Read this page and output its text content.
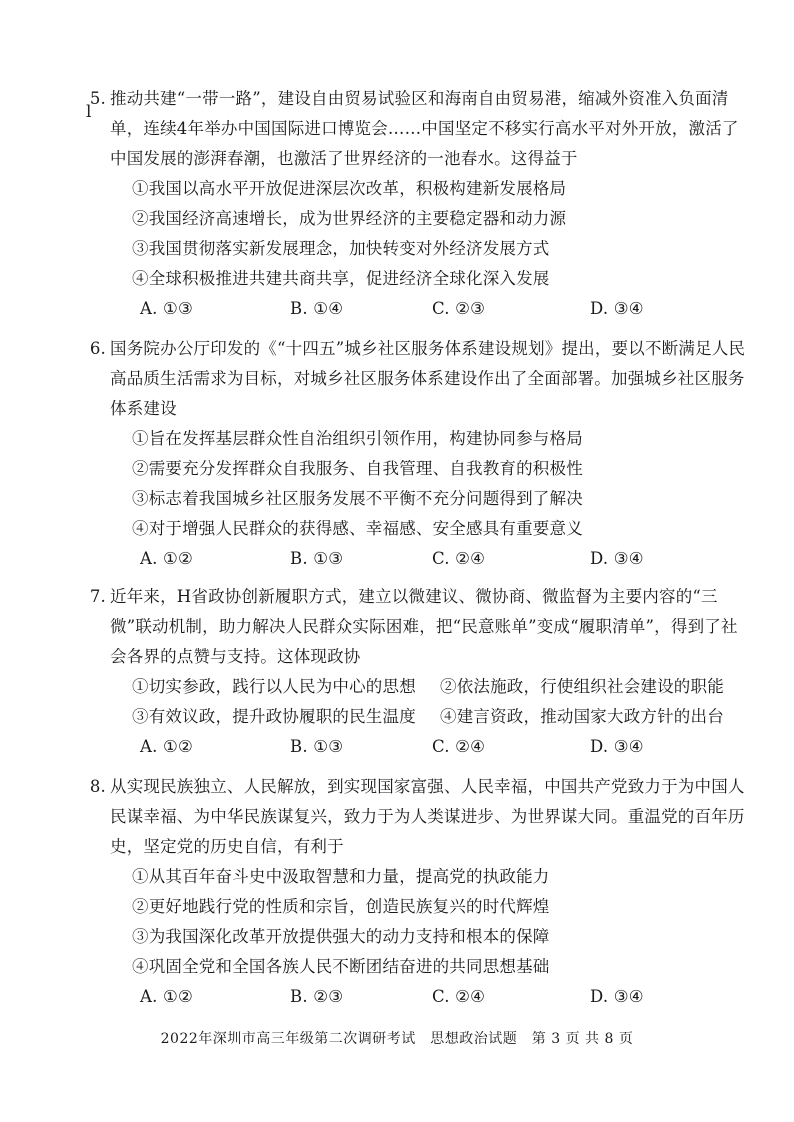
l
5. 推动共建“一带一路”，建设自由贸易试验区和海南自由贸易港，缩减外资准入负面清单，连续4年举办中国国际进口博览会……中国坚定不移实行高水平对外开放，激活了中国发展的澎湃春潮，也激活了世界经济的一池春水。这得益于
①我国以高水平开放促进深层次改革，积极构建新发展格局
②我国经济高速增长，成为世界经济的主要稳定器和动力源
③我国贯彻落实新发展理念，加快转变对外经济发展方式
④全球积极推进共建共商共享，促进经济全球化深入发展
A. ①③	B. ①④	C. ②③	D. ③④
6. 国务院办公厅印发的《“十四五”城乡社区服务体系建设规划》提出，要以不断满足人民高品质生活需求为目标，对城乡社区服务体系建设作出了全面部署。加强城乡社区服务体系建设
①旨在发挥基层群众性自治组织引领作用，构建协同参与格局
②需要充分发挥群众自我服务、自我管理、自我教育的积极性
③标志着我国城乡社区服务发展不平衡不充分问题得到了解决
④对于增强人民群众的获得感、幸福感、安全感具有重要意义
A. ①②	B. ①③	C. ②④	D. ③④
7. 近年来，H省政协创新履职方式，建立以微建议、微协商、微监督为主要内容的“三微”联动机制，助力解决人民群众实际困难，把“民意账单”变成“履职清单”，得到了社会各界的点赞与支持。这体现政协
①切实参政，践行以人民为中心的思想	②依法施政，行使组织社会建设的职能
③有效议政，提升政协履职的民生温度	④建言资政，推动国家大政方针的出台
A. ①②	B. ①③	C. ②④	D. ③④
8. 从实现民族独立、人民解放，到实现国家富强、人民幸福，中国共产党致力于为中国人民谋幸福、为中华民族谋复兴，致力于为人类谋进步、为世界谋大同。重温党的百年历史，坚定党的历史自信，有利于
①从其百年奋斗史中汲取智慧和力量，提高党的执政能力
②更好地践行党的性质和宗旨，创造民族复兴的时代辉煌
③为我国深化改革开放提供强大的动力支持和根本的保障
④巩固全党和全国各族人民不断团结奋进的共同思想基础
A. ①②	B. ②③	C. ②④	D. ③④
2022年深圳市高三年级第二次调研考试　思想政治试题　第 3 页 共 8 页
